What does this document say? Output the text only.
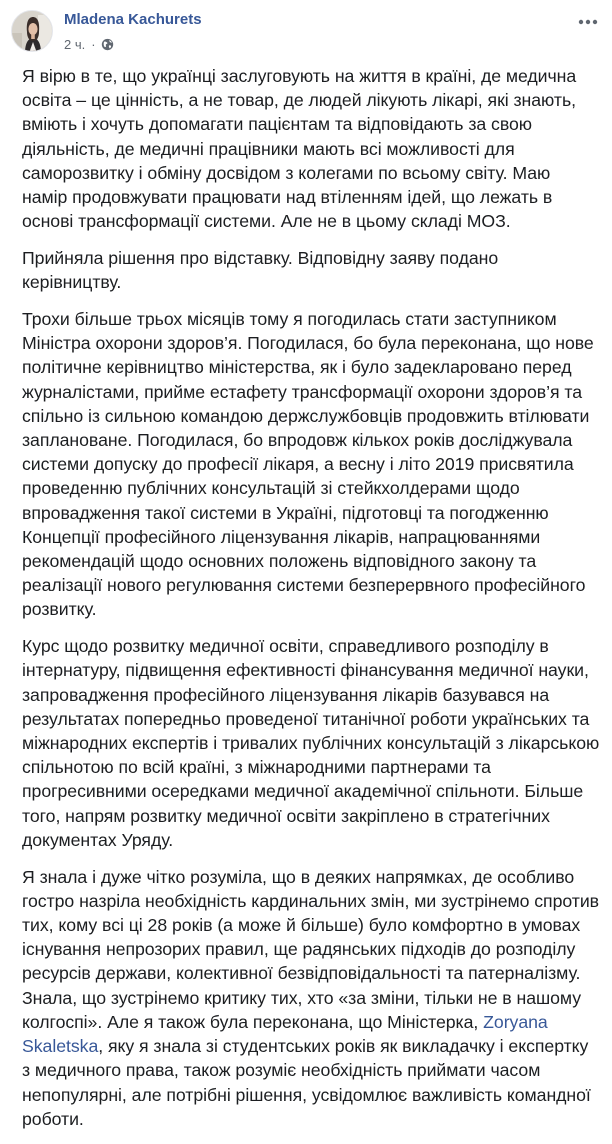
Mladena Kachurets
2 ч. ·

Я вірю в те, що українці заслуговують на життя в країні, де медична освіта – це цінність, а не товар, де людей лікують лікарі, які знають, вміють і хочуть допомагати пацієнтам та відповідають за свою діяльність, де медичні працівники мають всі можливості для саморозвитку і обміну досвідом з колегами по всьому світу. Маю намір продовжувати працювати над втіленням ідей, що лежать в основі трансформації системи. Але не в цьому складі МОЗ.

Прийняла рішення про відставку. Відповідну заяву подано керівництву.

Трохи більше трьох місяців тому я погодилась стати заступником Міністра охорони здоров’я. Погодилася, бо була переконана, що нове політичне керівництво міністерства, як і було задекларовано перед журналістами, прийме естафету трансформації охорони здоров’я та спільно із сильною командою держслужбовців продовжить втілювати заплановане. Погодилася, бо впродовж кількох років досліджувала системи допуску до професії лікаря, а весну і літо 2019 присвятила проведенню публічних консультацій зі стейкхолдерами щодо впровадження такої системи в Україні, підготовці та погодженню Концепції професійного ліцензування лікарів, напрацюваннями рекомендацій щодо основних положень відповідного закону та реалізації нового регулювання системи безперервного професійного розвитку.

Курс щодо розвитку медичної освіти, справедливого розподілу в інтернатуру, підвищення ефективності фінансування медичної науки, запровадження професійного ліцензування лікарів базувався на результатах попередньо проведеної титанічної роботи українських та міжнародних експертів і тривалих публічних консультацій з лікарською спільнотою по всій країні, з міжнародними партнерами та прогресивними осередками медичної академічної спільноти. Більше того, напрям розвитку медичної освіти закріплено в стратегічних документах Уряду.

Я знала і дуже чітко розуміла, що в деяких напрямках, де особливо гостро назріла необхідність кардинальних змін, ми зустрінемо спротив тих, кому всі ці 28 років (а може й більше) було комфортно в умовах існування непрозорих правил, ще радянських підходів до розподілу ресурсів держави, колективної безвідповідальності та патерналізму. Знала, що зустрінемо критику тих, хто «за зміни, тільки не в нашому колгоспі». Але я також була переконана, що Міністерка, Zoryana Skaletska, яку я знала зі студентських років як викладачку і експертку з медичного права, також розуміє необхідність приймати часом непопулярні, але потрібні рішення, усвідомлює важливість командної роботи.
